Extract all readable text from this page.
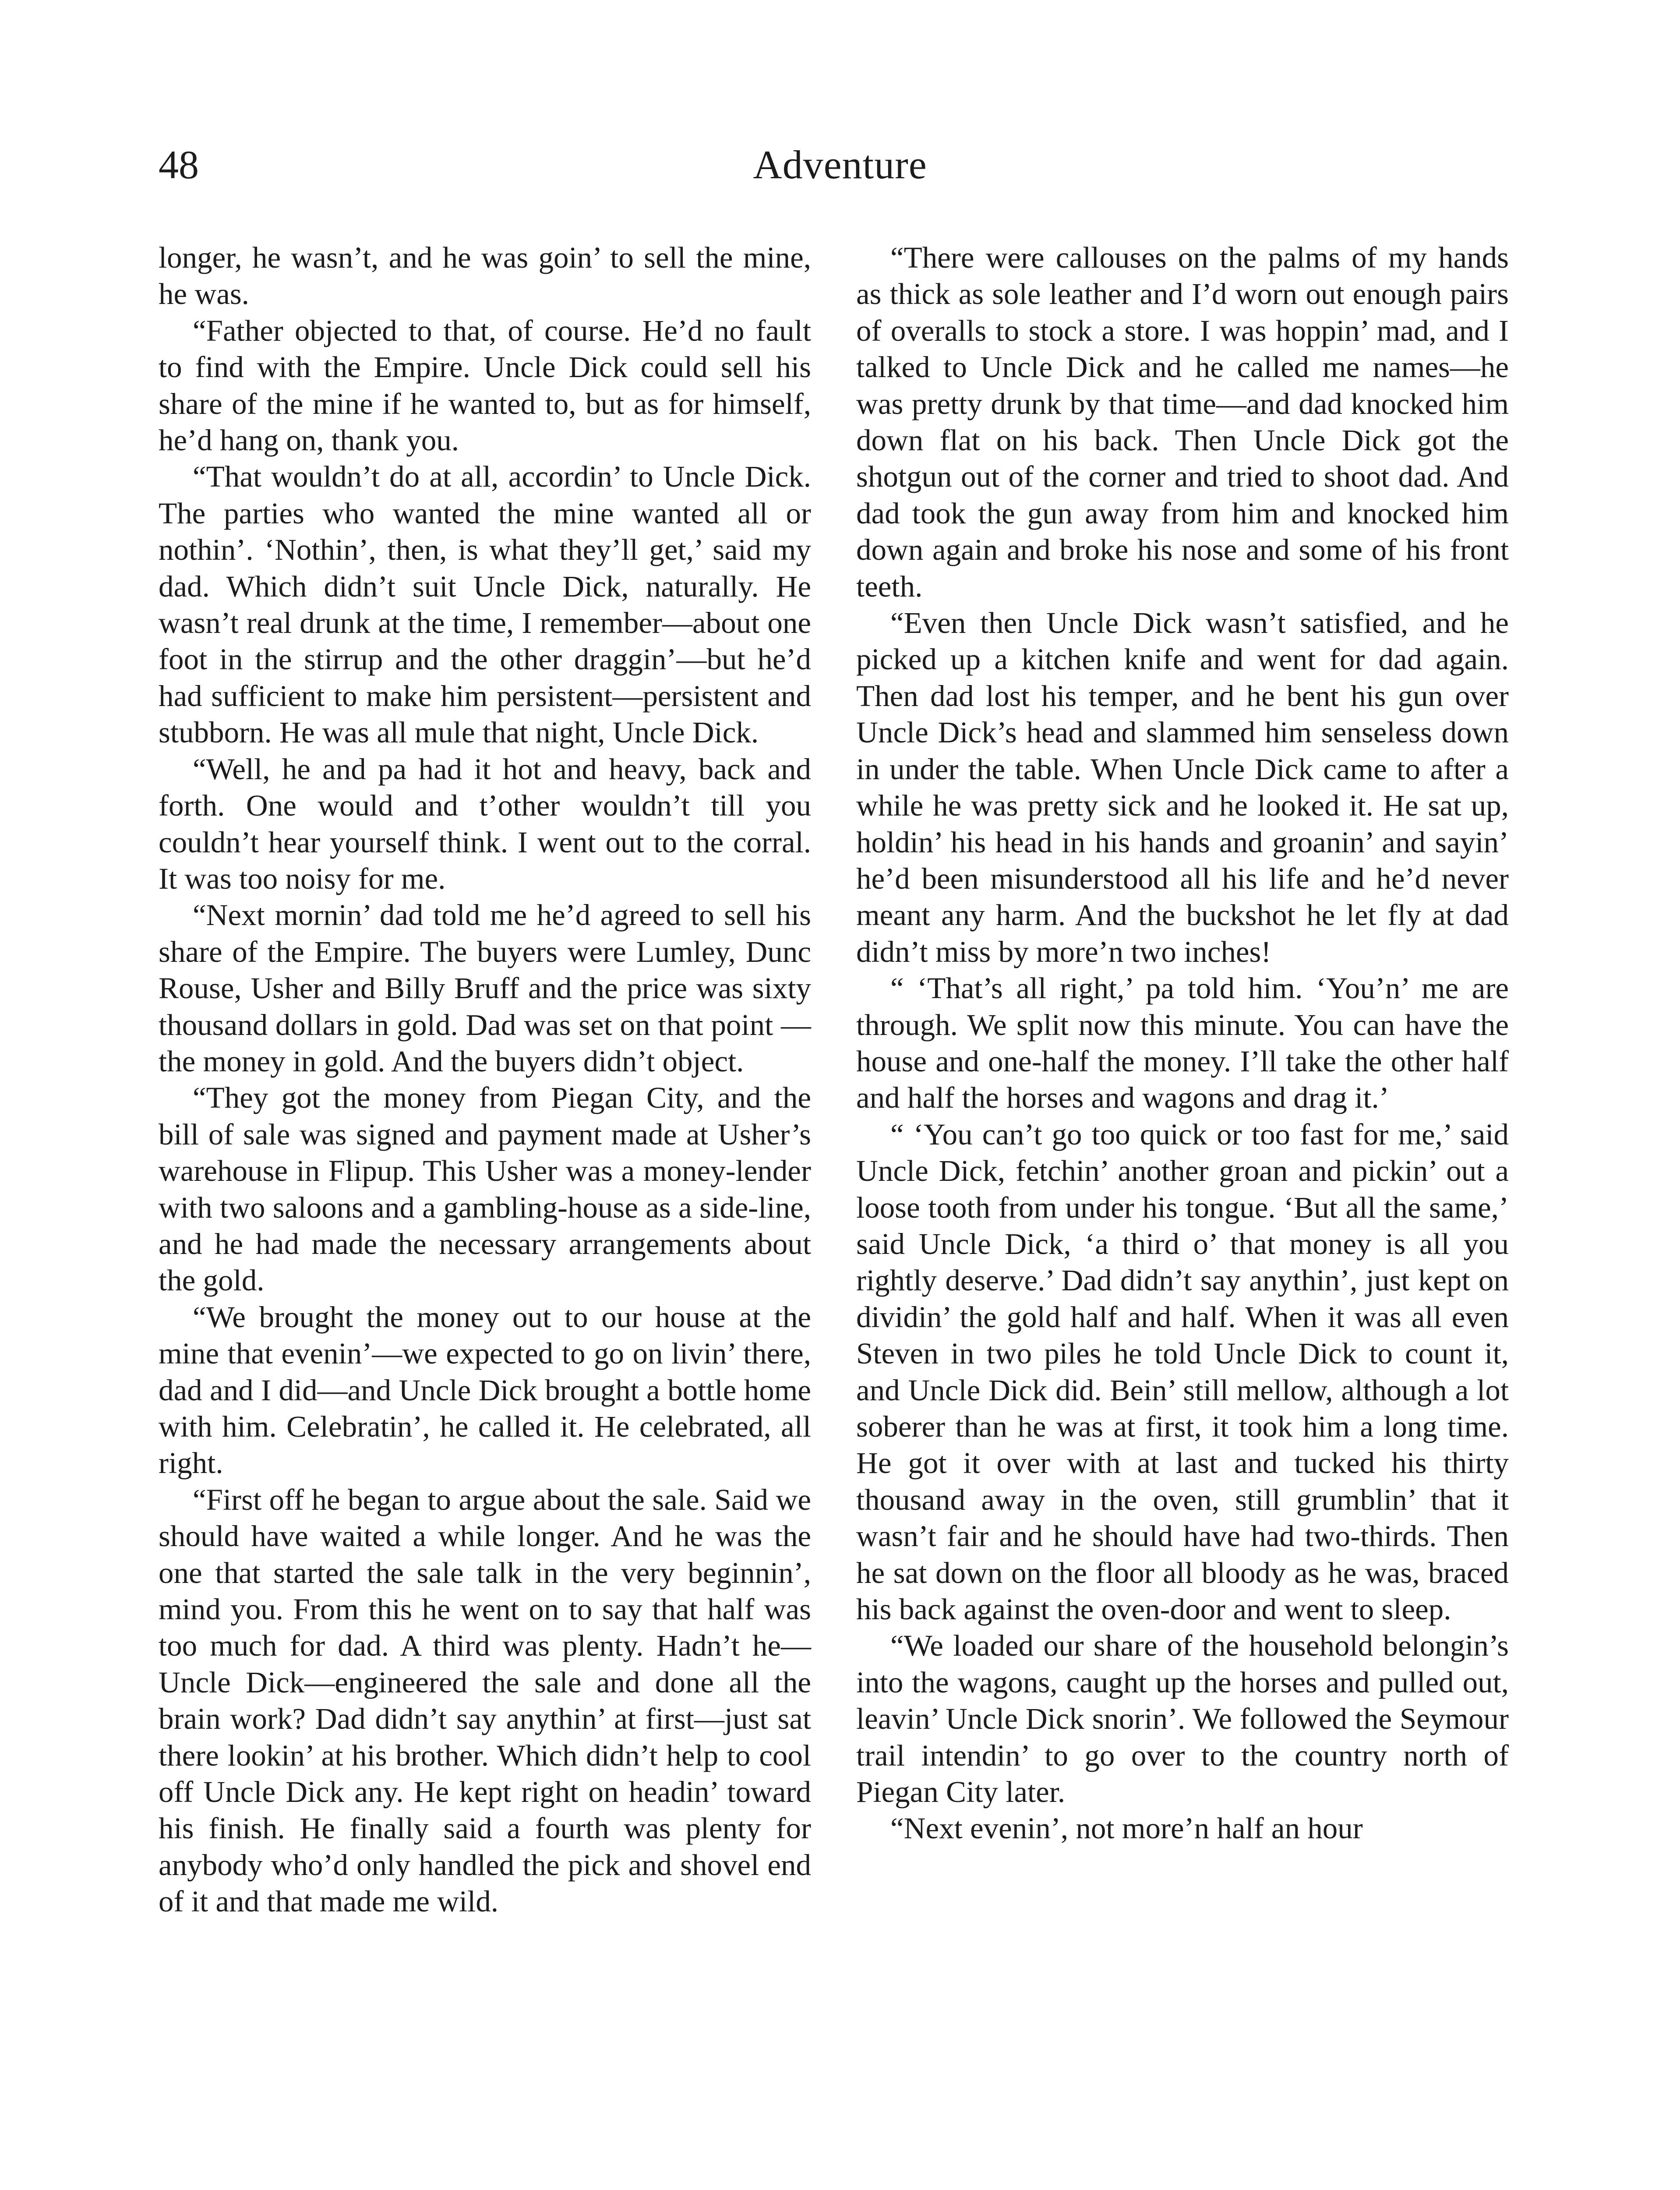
48	Adventure

longer, he wasn’t, and he was goin’ to sell the mine, he was.

“Father objected to that, of course. He’d no fault to find with the Empire. Uncle Dick could sell his share of the mine if he wanted to, but as for himself, he’d hang on, thank you.

“That wouldn’t do at all, accordin’ to Uncle Dick. The parties who wanted the mine wanted all or nothin’. ‘Nothin’, then, is what they’ll get,’ said my dad. Which didn’t suit Uncle Dick, naturally. He wasn’t real drunk at the time, I remember—about one foot in the stirrup and the other draggin’—but he’d had sufficient to make him persistent—persistent and stubborn. He was all mule that night, Uncle Dick.

“Well, he and pa had it hot and heavy, back and forth. One would and t’other wouldn’t till you couldn’t hear yourself think. I went out to the corral. It was too noisy for me.

“Next mornin’ dad told me he’d agreed to sell his share of the Empire. The buyers were Lumley, Dunc Rouse, Usher and Billy Bruff and the price was sixty thousand dollars in gold. Dad was set on that point —the money in gold. And the buyers didn’t object.

“They got the money from Piegan City, and the bill of sale was signed and payment made at Usher’s warehouse in Flipup. This Usher was a money-lender with two saloons and a gambling-house as a side-line, and he had made the necessary arrangements about the gold.

“We brought the money out to our house at the mine that evenin’—we expected to go on livin’ there, dad and I did—and Uncle Dick brought a bottle home with him. Celebratin’, he called it. He celebrated, all right.

“First off he began to argue about the sale. Said we should have waited a while longer. And he was the one that started the sale talk in the very beginnin’, mind you. From this he went on to say that half was too much for dad. A third was plenty. Hadn’t he—Uncle Dick—engineered the sale and done all the brain work? Dad didn’t say anythin’ at first—just sat there lookin’ at his brother. Which didn’t help to cool off Uncle Dick any. He kept right on headin’ toward his finish. He finally said a fourth was plenty for anybody who’d only handled the pick and shovel end of it and that made me wild.

“There were callouses on the palms of my hands as thick as sole leather and I’d worn out enough pairs of overalls to stock a store. I was hoppin’ mad, and I talked to Uncle Dick and he called me names—he was pretty drunk by that time—and dad knocked him down flat on his back. Then Uncle Dick got the shotgun out of the corner and tried to shoot dad. And dad took the gun away from him and knocked him down again and broke his nose and some of his front teeth.

“Even then Uncle Dick wasn’t satisfied, and he picked up a kitchen knife and went for dad again. Then dad lost his temper, and he bent his gun over Uncle Dick’s head and slammed him senseless down in under the table. When Uncle Dick came to after a while he was pretty sick and he looked it. He sat up, holdin’ his head in his hands and groanin’ and sayin’ he’d been misunderstood all his life and he’d never meant any harm. And the buckshot he let fly at dad didn’t miss by more’n two inches!

“ ‘That’s all right,’ pa told him. ‘You’n’ me are through. We split now this minute. You can have the house and one-half the money. I’ll take the other half and half the horses and wagons and drag it.’

“ ‘You can’t go too quick or too fast for me,’ said Uncle Dick, fetchin’ another groan and pickin’ out a loose tooth from under his tongue. ‘But all the same,’ said Uncle Dick, ‘a third o’ that money is all you rightly deserve.’ Dad didn’t say anythin’, just kept on dividin’ the gold half and half. When it was all even Steven in two piles he told Uncle Dick to count it, and Uncle Dick did. Bein’ still mellow, although a lot soberer than he was at first, it took him a long time. He got it over with at last and tucked his thirty thousand away in the oven, still grumblin’ that it wasn’t fair and he should have had two-thirds. Then he sat down on the floor all bloody as he was, braced his back against the oven-door and went to sleep.

“We loaded our share of the household belongin’s into the wagons, caught up the horses and pulled out, leavin’ Uncle Dick snorin’. We followed the Seymour trail intendin’ to go over to the country north of Piegan City later.

“Next evenin’, not more’n half an hour
